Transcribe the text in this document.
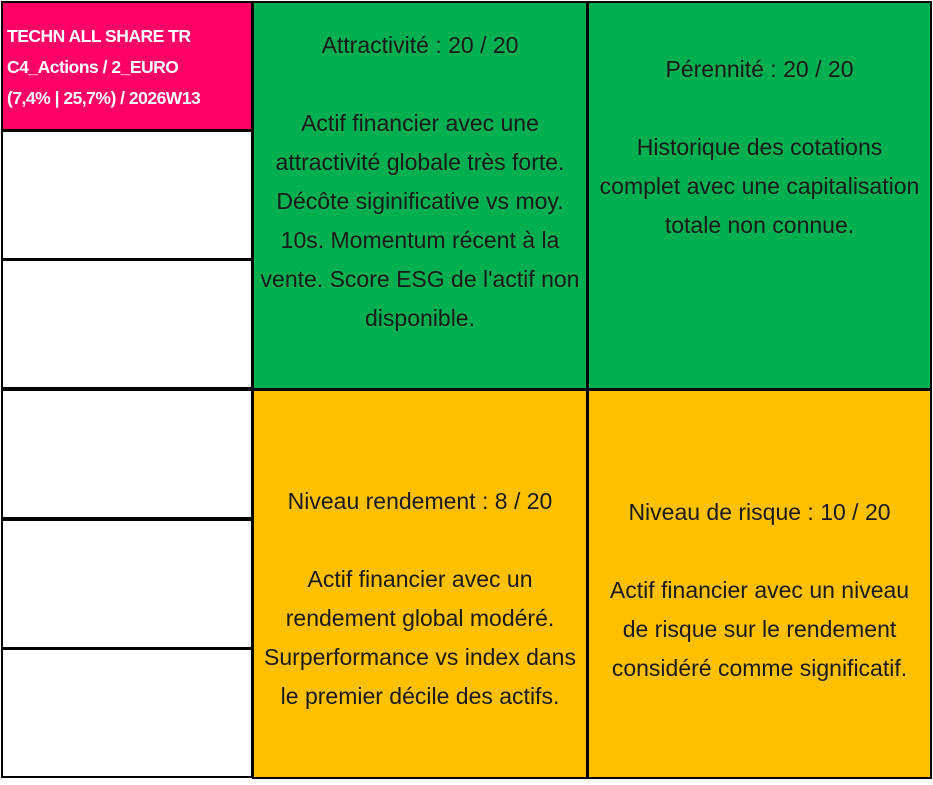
TECHN ALL SHARE TR
C4_Actions / 2_EURO
(7,4% | 25,7%) / 2026W13
Attractivité : 20 / 20
Actif financier avec une attractivité globale très forte. Décôte siginificative vs moy. 10s. Momentum récent à la vente. Score ESG de l'actif non disponible.
Pérennité : 20 / 20
Historique des cotations complet avec une capitalisation totale non connue.
Niveau rendement : 8 / 20
Actif financier avec un rendement global modéré. Surperformance vs index dans le premier décile des actifs.
Niveau de risque : 10 / 20
Actif financier avec un niveau de risque sur le rendement considéré comme significatif.
